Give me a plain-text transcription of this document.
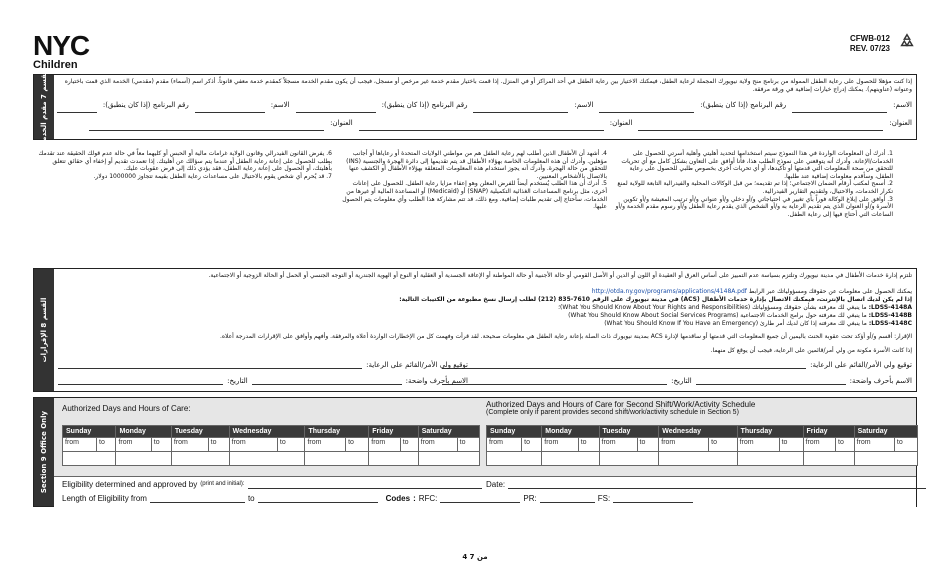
NYC
Children
CFWB-012
REV. 07/23
القسم 7 مقدم الخدمة	إذا كنت مؤهلا للحصول على رعاية الطفل الممولة من برنامج منح ولاية نيويورك المجملة لرعاية الطفل، فيمكنك الاختيار بين رعاية الطفل في أحد المراكز أو في المنزل. إذا قمت باختيار مقدم خدمة غير مرخص أو مسجل، فيجب أن يكون مقدم الخدمة مسجلاً كمقدم خدمة معفي قانوناً. أذكر اسم (أسماء) مقدم (مقدمي) الخدمة الذي قمت باختياره وعنوانه (عناوينهم). يمكنك إدراج خيارات إضافية في ورقة مرفقة.
الاسم:
رقم البرنامج (إذا كان ينطبق):
الاسم:
رقم البرنامج (إذا كان ينطبق):
الاسم:
رقم البرنامج (إذا كان ينطبق):
العنوان:
العنوان:
العنوان:

1. أدرك أن المعلومات الواردة في هذا النموذج سيتم استخدامها لتحديد أهليتي وأهلية أسرتي للحصول على الخدمات/الإعانة. وأدرك أنه يتوقعني على نموذج الطلب هذا، فأنا أوافق على التعاون بشكل كامل مع أي تحريات للتحقق من صحة المعلومات التي قدمتها أو تأكيدها، أو أي تحريات أخرى بخصوص طلبي للحصول على رعاية الطفل، وسأقدم معلومات إضافية عند طلبها.

2. أسمح لمكتب أرقام الضمان الاجتماعي؛ إذا تم تقديمه؛ من قبل الوكالات المحلية والفيدرالية التابعة للولاية لمنع تكرار الخدمات، والاحتيال، ولتقديم التقارير الفيدرالية.

3. أوافق على إبلاغ الوكالة فوراً بأي تغيير في احتياجاتي و/أو دخلي و/أو عنواني و/أو ترتيب المعيشة و/أو تكوين الأسرة و/أو العنوان الذي يتم تقديم الرعاية به و/أو الشخص الذي يقدم رعاية الطفل و/أو رسوم مقدم الخدمة و/أو الساعات التي أحتاج فيها إلى رعاية الطفل.

4. أشهد أن الأطفال الذين أطلب لهم رعاية الطفل هم من مواطني الولايات المتحدة أو رعاياها أو أجانب مؤهلين. وأدرك أن هذه المعلومات الخاصة بهؤلاء الأطفال قد يتم تقديمها إلى دائرة الهجرة والجنسية (INS) للتحقق من حالة الهجرة. وأدرك أنه يجوز استخدام هذه المعلومات المتعلقة بهؤلاء الأطفال أو الكشف عنها بالاتصال بالأشخاص المعنيين.

5. أدرك أن هذا الطلب يُستخدم أيضاً للفرض المعلن وهو إعفاء مزايا رعاية الطفل. للحصول على إعانات أخرى، مثل برنامج المساعدات الغذائية التكميلية (SNAP) أو (Medicaid) أو المساعدة المالية أو غيرها من الخدمات، سأحتاج إلى تقديم طلبات إضافية. ومع ذلك، قد تتم مشاركة هذا الطلب وأي معلومات يتم الحصول عليها.

6. يفرض القانون الفيدرالي وقانون الولاية غرامات مالية أو الحبس أو كليهما معاً في حالة عدم قولك الحقيقة عند تقدمك بطلب للحصول على إعانة رعاية الطفل أو عندما يتم سؤالك عن أهليتك. إذا تعمدت تقديم أو إخفاء أي حقائق تتعلق بأهليتك، أو الحصول على إعانة رعاية الطفل، فقد يؤدي ذلك إلى فرض عقوبات عليك.

7. قد يُحرم أي شخص يقوم بالاحتيال على مساعدات رعاية الطفل بقيمة تتجاوز 1000000 دولار.

القسم 8 الإقرارات
تلتزم إدارة خدمات الأطفال في مدينة نيويورك وتلتزم بسياسة عدم التمييز على أساس العرق أو العقيدة أو اللون أو الدين أو الأصل القومي أو حالة الأجنبية أو حالة المواطنة أو الإعاقة الجسدية أو العقلية أو النوع أو الهوية الجندرية أو التوجه الجنسي أو الحمل أو الحالة الزوجية أو الاجتماعية.
يمكنك الحصول على معلومات عن حقوقك ومسؤولياتك عبر الرابط http://otda.ny.gov/programs/applications/4148A.pdf
إذا لم يكن لديك اتصال بالإنترنت، فيمكنك الاتصال بإدارة خدمات الأطفال (ACS) في مدينة نيويورك على الرقم 7610-835 (212) لطلب إرسال نسخ مطبوعة من الكتيبات التالية:
LDSS-4148A: ما ينبغي لك معرفته بشأن حقوقك ومسؤولياتك (What You Should Know About Your Rights and Responsibilities)؛
LDSS-4148B: ما ينبغي لك معرفته حول برامج الخدمات الاجتماعية (What You Should Know About Social Services Programs)
LDSS-4148C: ما ينبغي لك معرفته إذا كان لديك أمر طارئ (What You Should Know If You Have an Emergency)
الإقرار: أقسم و/أو أؤكد تحت عقوبة الحنث باليمين أن جميع المعلومات التي قدمتها أو ساقدمها لإدارة ACS بمدينة نيويورك ذات الصلة بإعانة رعاية الطفل هي معلومات صحيحة. لقد قرأت وفهمت كل من الإخطارات الواردة أعلاه والمرفقة. وأفهم وأوافق على الإقرارات المدرجة أعلاه.
إذا كانت الأسرة مكونة من ولي أمر/قائمين على الرعاية، فيجب أن يوقع كل منهما.
توقيع ولي الأمر/القائم على الرعاية:
توقيع ولي الأمر/القائم على الرعاية:
الاسم بأحرف واضحة:
التاريخ:
الاسم بأحرف واضحة:
التاريخ:
Section 9 Office Only
Authorized Days and Hours of Care:	Authorized Days and Hours of Care for Second Shift/Work/Activity Schedule
(Complete only if parent provides second shift/work/activity schedule in Section 5)
Sunday		Monday		Tuesday		Wednesday		Thursday		Friday		Saturday	
from	to	from	to	from	to	from	to	from	to	from	to	from	to

Sunday		Monday		Tuesday		Wednesday		Thursday		Friday		Saturday	
from	to	from	to	from	to	from	to	from	to	from	to	from	to

Eligibility determined and approved by (print and initial):	Date:
Length of Eligibility from	to	Codes : RFC:	PR:	FS:
4 من 7
